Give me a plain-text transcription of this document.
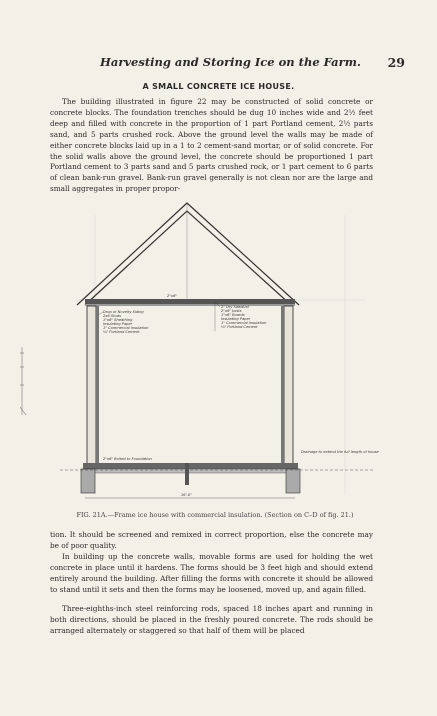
Harvesting and Storing Ice on the Farm. 29
A SMALL CONCRETE ICE HOUSE.

The building illustrated in figure 22 may be constructed of solid concrete or concrete blocks. The foundation trenches should be dug 10 inches wide and 2½ feet deep and filled with concrete in the proportion of 1 part Portland cement, 2½ parts sand, and 5 parts crushed rock. Above the ground level the walls may be made of either concrete blocks laid up in a 1 to 2 cement-sand mortar, or of solid concrete. For the solid walls above the ground level, the concrete should be proportioned 1 part Portland cement to 3 parts sand and 5 parts crushed rock, or 1 part cement to 6 parts of clean bank-run gravel. Bank-run gravel generally is not clean nor are the large and small aggregates in proper propor-

16'-0"
Drop or Novelty Siding
2x6 Studs
1"x6" Sheathing
Insulating Paper
1" Commercial Insulation
¾" Portland Cement
2"x6"
2" Dry Sawdust
2"x6" Joists
1"x6" Boards
Insulating Paper
1" Commercial Insulation
¾" Portland Cement
2"x6" Bolted to Foundation
Drainage to extend the full length of house
FIG. 21A.—Frame ice house with commercial insulation. (Section on C–D of fig. 21.)

tion. It should be screened and remixed in correct proportion, else the concrete may be of poor quality.

In building up the concrete walls, movable forms are used for holding the wet concrete in place until it hardens. The forms should be 3 feet high and should extend entirely around the building. After filling the forms with concrete it should be allowed to stand until it sets and then the forms may be loosened, moved up, and again filled.

Three-eighths-inch steel reinforcing rods, spaced 18 inches apart and running in both directions, should be placed in the freshly poured concrete. The rods should be arranged alternately or staggered so that half of them will be placed
